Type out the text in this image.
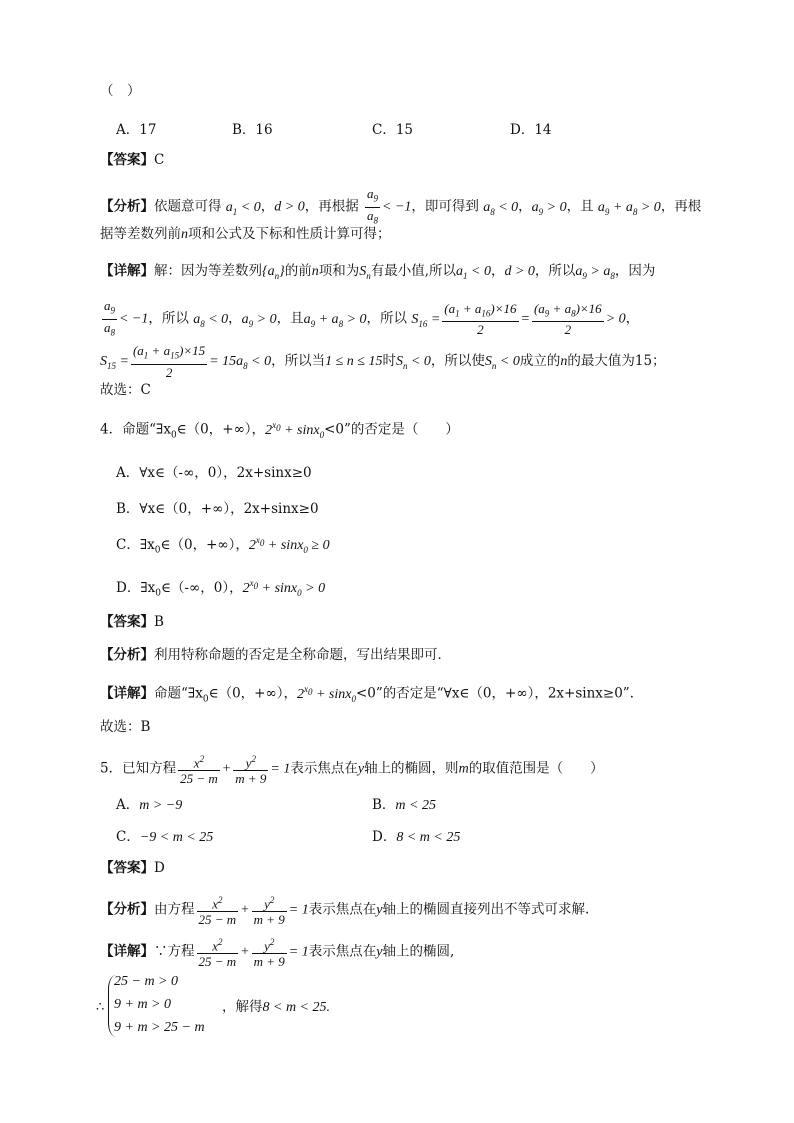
（　）
A．17	B．16	C．15	D．14
【答案】C
【分析】依题意可得 $a_1 < 0$，d > 0，再根据 $\frac{a_9}{a_8} < -1$，即可得到 $a_8 < 0$，$a_9 > 0$，且 $a_9 + a_8 > 0$，再根
据等差数列前n项和公式及下标和性质计算可得；
【详解】解：因为等差数列$\{a_n\}$的前n项和为$S_n$有最小值,所以$a_1 < 0$，d > 0，所以$a_9 > a_8$，因为
$\frac{a_9}{a_8} < -1$，所以 $a_8 < 0$，$a_9 > 0$，且$a_9 + a_8 > 0$，所以 $S_{16} = \frac{(a_1 + a_{16})\times 16}{2} = \frac{(a_9 + a_8)\times 16}{2} > 0$，
$S_{15} = \frac{(a_1 + a_{15})\times 15}{2} = 15a_8 < 0$，所以当1 ≤ n ≤ 15时$S_n < 0$，所以使$S_n < 0$成立的n的最大值为15；
故选：C
4．命题“$\exists x_0\in(0$，+∞），$2^{x_0} + \sin x_0<0$”的否定是（　　）
A．∀x∈（-∞，0），2x+sinx≥0
B．∀x∈（0，+∞），2x+sinx≥0
C．$\exists x_0\in(0$，+∞），$2^{x_0} + \sin x_0 \ge 0$
D．$\exists x_0\in(-\infty$，0），$2^{x_0} + \sin x_0 > 0$
【答案】B
【分析】利用特称命题的否定是全称命题，写出结果即可．
【详解】命题“$\exists x_0\in(0$，+∞），$2^{x_0} + \sin x_0<0$”的否定是“∀x∈（0，+∞），2x+sinx≥0”．
故选：B
5．已知方程 $\frac{x^2}{25 - m} + \frac{y^2}{m + 9} = 1$表示焦点在y轴上的椭圆，则m的取值范围是（　　）
A．m > −9	B．m < 25
C．−9 < m < 25	D．8 < m < 25
【答案】D
【分析】由方程 $\frac{x^2}{25 - m} + \frac{y^2}{m + 9} = 1$表示焦点在y轴上的椭圆直接列出不等式可求解.
【详解】∵方程 $\frac{x^2}{25 - m} + \frac{y^2}{m + 9} = 1$表示焦点在y轴上的椭圆,
∴
25 − m > 0
9 + m > 0
9 + m > 25 − m
，解得8 < m < 25.
